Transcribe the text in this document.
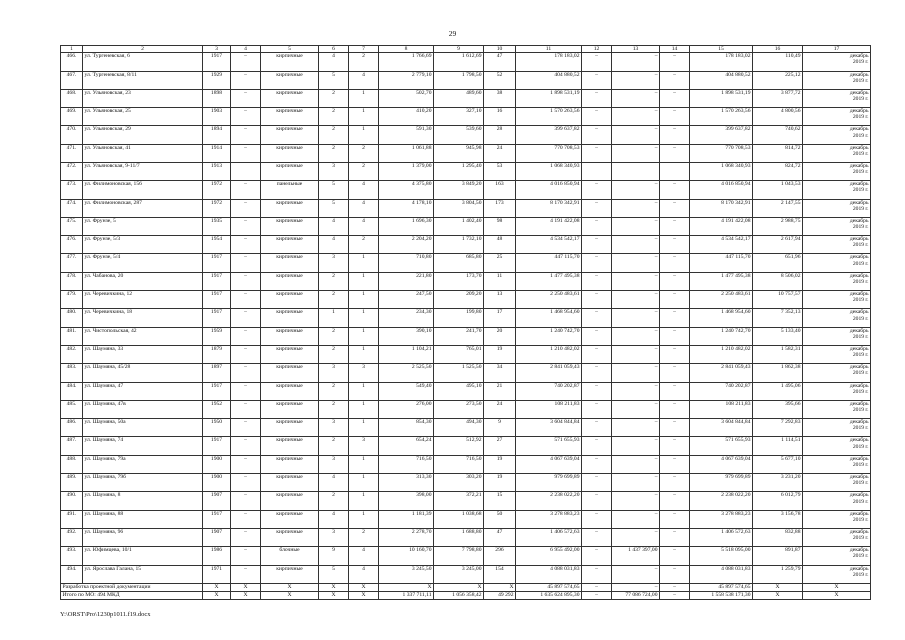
29
1	2	3	4	5	6	7	8	9	10	11	12	13	14	15	16	17
466.	ул. Тургеневская, 6	1917	–	кирпичные	4	2	1 766,69	1 612,69	47	178 183,02	–	–	–	178 183,02	110,49	декабрь
2019 г.

467.	ул. Тургеневская, 8/11	1929	–	кирпичные	5	4	2 779,10	1 798,50	52	404 880,52	–	–	–	404 880,52	225,12	декабрь
2019 г.

468.	ул. Ульяновская, 23	1898	–	кирпичные	2	1	502,70	489,60	38	1 898 531,19	–	–	–	1 898 531,19	3 877,72	декабрь
2019 г.

469.	ул. Ульяновская, 25	1903	–	кирпичные	2	1	410,20	327,10	16	1 570 263,56	–	–	–	1 570 263,56	4 800,56	декабрь
2019 г.

470.	ул. Ульяновская, 29	1894	–	кирпичные	2	1	591,30	539,60	28	399 637,82	–	–	–	399 637,82	740,62	декабрь
2019 г.

471.	ул. Ульяновская, 41	1914	–	кирпичные	2	2	1 061,88	945,98	24	770 708,53	–	–	–	770 708,53	814,72	декабрь
2019 г.

472.	ул. Ульяновская, 9-11/7	1913		кирпичные	3	2	1 379,00	1 295,40	53	1 068 340,93				1 068 340,93	824,72	декабрь
2019 г.

473.	ул. Филимоновская, 156	1972	–	панельные	5	4	4 375,80	3 849,20	163	4 016 850,94	–	–	–	4 016 850,94	1 043,53	декабрь
2019 г.

474.	ул. Филимоновская, 287	1972	–	кирпичные	5	4	4 178,10	3 804,50	173	8 170 342,91	–	–	–	8 170 342,91	2 147,55	декабрь
2019 г.

475.	ул. Фрунзе, 5	1935	–	кирпичные	4	4	1 696,30	1 402,40	98	4 191 422,08	–	–	–	4 191 422,08	2 988,75	декабрь
2019 г.

476.	ул. Фрунзе, 5/3	1954	–	кирпичные	4	2	2 204,20	1 732,10	48	4 534 542,17	–	–	–	4 534 542,17	2 617,94	декабрь
2019 г.

477.	ул. Фрунзе, 5/4	1917	–	кирпичные	3	1	710,80	685,80	25	447 115,70	–	–	–	447 115,70	651,96	декабрь
2019 г.

478.	ул. Чабанова, 20	1917	–	кирпичные	2	1	221,80	173,70	11	1 477 495,38	–	–	–	1 477 495,38	8 506,02	декабрь
2019 г.

479.	ул. Черевичкина, 12	1917	–	кирпичные	2	1	247,50	209,20	13	2 250 483,61	–	–	–	2 250 483,61	10 757,57	декабрь
2019 г.

480.	ул. Черевичкина, 18	1917	–	кирпичные	1	1	234,30	199,80	17	1 468 954,60	–	–	–	1 468 954,60	7 352,13	декабрь
2019 г.

481.	ул. Чистопольская, 42	1959	–	кирпичные	2	1	390,10	241,70	20	1 240 742,70	–	–	–	1 240 742,70	5 133,40	декабрь
2019 г.

482.	ул. Шаумяна, 33	1879	–	кирпичные	2	1	1 104,21	765,01	19	1 210 482,02	–	–	–	1 210 482,02	1 582,31	декабрь
2019 г.

483.	ул. Шаумяна, 45/28	1897	–	кирпичные	3	3	2 525,50	1 525,50	34	2 841 059,43	–	–	–	2 841 059,43	1 862,38	декабрь
2019 г.

484.	ул. Шаумяна, 47	1917	–	кирпичные	2	1	549,40	495,10	21	740 202,87	–	–	–	740 202,87	1 495,06	декабрь
2019 г.

485.	ул. Шаумяна, 47в	1952	–	кирпичные	2	1	276,00	273,50	24	108 211,83	–	–	–	108 211,83	395,66	декабрь
2019 г.

486.	ул. Шаумяна, 50а	1950	–	кирпичные	3	1	854,30	494,30	9	3 604 844,84	–	–	–	3 604 844,84	7 292,83	декабрь
2019 г.

487.	ул. Шаумяна, 74	1917	–	кирпичные	2	3	654,24	512,92	27	571 655,93	–	–	–	571 655,93	1 114,51	декабрь
2019 г.

488.	ул. Шаумяна, 79а	1900	–	кирпичные	3	1	716,50	716,50	19	4 067 639,04	–	–	–	4 067 639,04	5 677,10	декабрь
2019 г.

489.	ул. Шаумяна, 79б	1900	–	кирпичные	4	1	313,30	303,20	19	979 699,89	–	–	–	979 699,89	3 231,20	декабрь
2019 г.

490.	ул. Шаумяна, 8	1907	–	кирпичные	2	1	398,00	372,21	15	2 238 022,20	–	–	–	2 238 022,20	6 012,79	декабрь
2019 г.

491.	ул. Шаумяна, 88	1917	–	кирпичные	4	1	1 181,39	1 038,68	50	3 278 883,23	–	–	–	3 278 883,23	3 156,78	декабрь
2019 г.

492.	ул. Шаумяна, 96	1907	–	кирпичные	3	2	2 278,70	1 688,80	47	1 406 572,63	–	–	–	1 406 572,63	832,88	декабрь
2019 г.

493.	ул. Юфимцева, 10/1	1986	–	блочные	9	4	10 160,70	7 798,80	296	6 955 492,00	–	1 437 397,00	–	5 518 095,00	891,87	декабрь
2019 г.

494.	ул. Ярослава Галана, 15	1971	–	кирпичные	5	4	3 245,50	3 245,00	154	4 088 031,83	–	–	–	4 088 031,83	1 259,79	декабрь
2019 г.

Разработка проектной документации		X	X	X	X	X	X	X	X	45 897 574,65	–	–	–	45 897 574,65	X	X
Итого по МО: 494 МКД		X	X	X	X	X	1 337 711,11	1 056 358,42	49 292	1 635 624 895,30	–	77 086 724,00	–	1 558 538 171,30	X	X
Y:\ORST\Pro\1230p1011.f19.docx
